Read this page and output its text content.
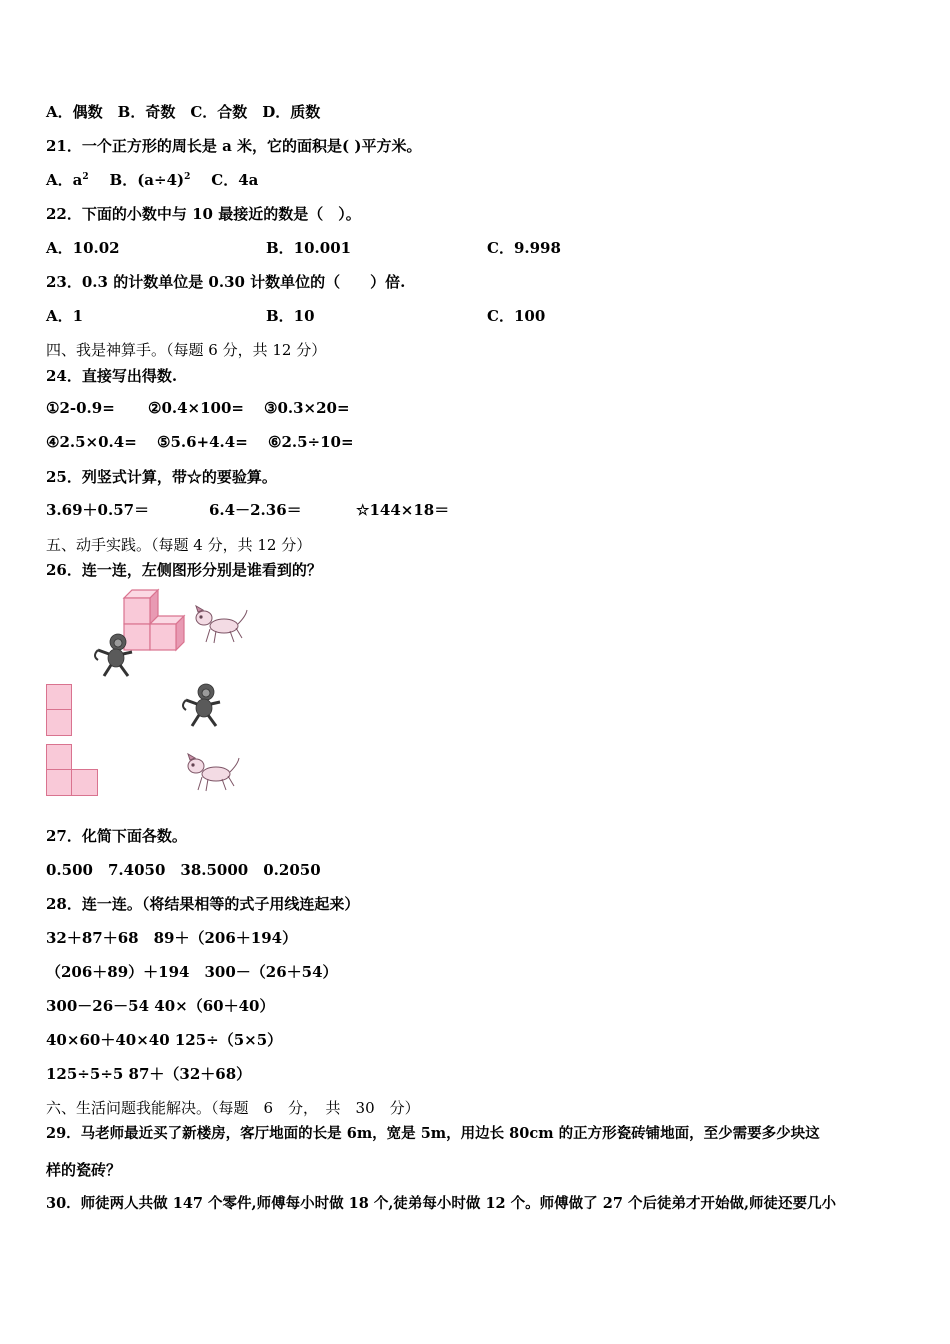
A．偶数　B．奇数　C．合数　D．质数
21．一个正方形的周长是 a 米，它的面积是( )平方米。
A．$a^2$ B．$(a\div 4)^2$ C．4a
22．下面的小数中与 10 最接近的数是（　）。
A．10.02	B．10.001	C．9.998
23．0.3 的计数单位是 0.30 计数单位的（　　）倍.
A．1	B．10	C．100
四、我是神算手。（每题 6 分，共 12 分）
24．直接写出得数.
①2-0.9= ②0.4×100= ③0.3×20=
④2.5×0.4= ⑤5.6+4.4= ⑥2.5÷10=
25．列竖式计算，带☆的要验算。
3.69＋0.57＝	6.4－2.36＝	☆144×18＝
五、动手实践。（每题 4 分，共 12 分）
26．连一连，左侧图形分别是谁看到的？
27．化简下面各数。
0.500　7.4050　38.5000　0.2050
28．连一连。（将结果相等的式子用线连起来）
32＋87＋68　89＋（206＋194）
（206＋89）＋194　300－（26＋54）
300－26－54 40×（60＋40）
40×60＋40×40 125÷（5×5）
125÷5÷5 87＋（32＋68）
六、生活问题我能解决。（每题　6　分，　共　30　分）
29．马老师最近买了新楼房，客厅地面的长是 6m，宽是 5m，用边长 80cm 的正方形瓷砖铺地面，至少需要多少块这
样的瓷砖？
30．师徒两人共做 147 个零件,师傅每小时做 18 个,徒弟每小时做 12 个。师傅做了 27 个后徒弟才开始做,师徒还要几小
